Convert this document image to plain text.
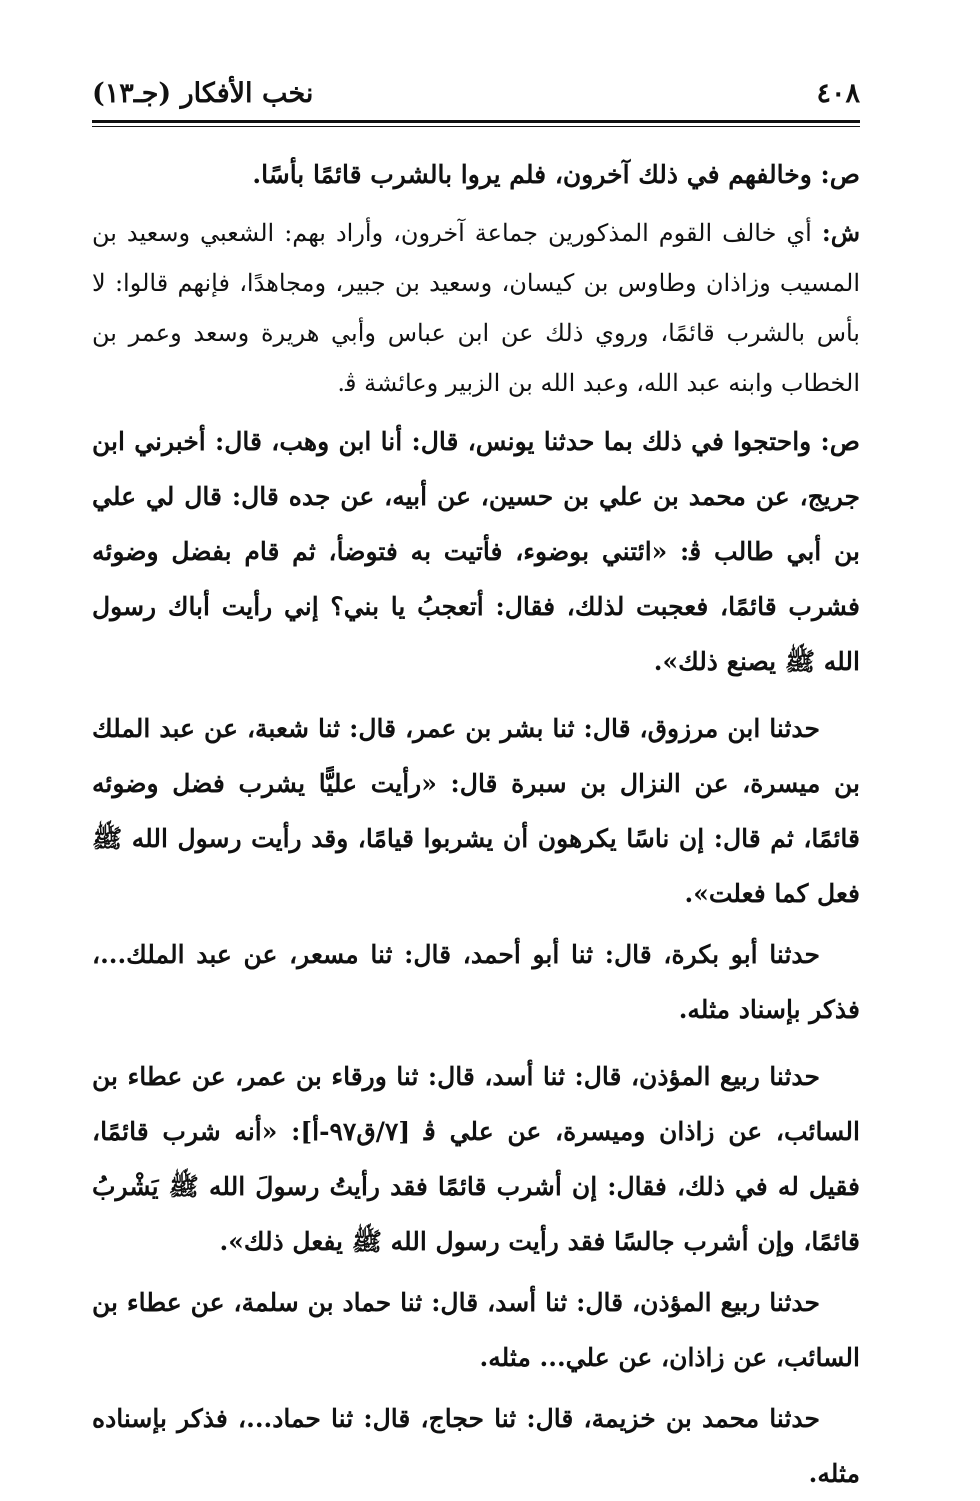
٤٠٨
نخب الأفكار (جـ١٣)

ص: وخالفهم في ذلك آخرون، فلم يروا بالشرب قائمًا بأسًا.

ش: أي خالف القوم المذكورين جماعة آخرون، وأراد بهم: الشعبي وسعيد بن المسيب وزاذان وطاوس بن كيسان، وسعيد بن جبير، ومجاهدًا، فإنهم قالوا: لا بأس بالشرب قائمًا، وروي ذلك عن ابن عباس وأبي هريرة وسعد وعمر بن الخطاب وابنه عبد الله، وعبد الله بن الزبير وعائشة ﭬ.

ص: واحتجوا في ذلك بما حدثنا يونس، قال: أنا ابن وهب، قال: أخبرني ابن جريج، عن محمد بن علي بن حسين، عن أبيه، عن جده قال: قال لي علي بن أبي طالب ﭬ: «ائتني بوضوء، فأتيت به فتوضأ، ثم قام بفضل وضوئه فشرب قائمًا، فعجبت لذلك، فقال: أتعجبُ يا بني؟ إني رأيت أباك رسول الله ﷺ يصنع ذلك».

حدثنا ابن مرزوق، قال: ثنا بشر بن عمر، قال: ثنا شعبة، عن عبد الملك بن ميسرة، عن النزال بن سبرة قال: «رأيت عليًّا يشرب فضل وضوئه قائمًا، ثم قال: إن ناسًا يكرهون أن يشربوا قيامًا، وقد رأيت رسول الله ﷺ فعل كما فعلت».

حدثنا أبو بكرة، قال: ثنا أبو أحمد، قال: ثنا مسعر، عن عبد الملك...، فذكر بإسناد مثله.

حدثنا ربيع المؤذن، قال: ثنا أسد، قال: ثنا ورقاء بن عمر، عن عطاء بن السائب، عن زاذان وميسرة، عن علي ﭬ [٧/ق٩٧-أ]: «أنه شرب قائمًا، فقيل له في ذلك، فقال: إن أشرب قائمًا فقد رأيتُ رسولَ الله ﷺ يَشْربُ قائمًا، وإن أشرب جالسًا فقد رأيت رسول الله ﷺ يفعل ذلك».

حدثنا ربيع المؤذن، قال: ثنا أسد، قال: ثنا حماد بن سلمة، عن عطاء بن السائب، عن زاذان، عن علي... مثله.

حدثنا محمد بن خزيمة، قال: ثنا حجاج، قال: ثنا حماد...، فذكر بإسناده مثله.
